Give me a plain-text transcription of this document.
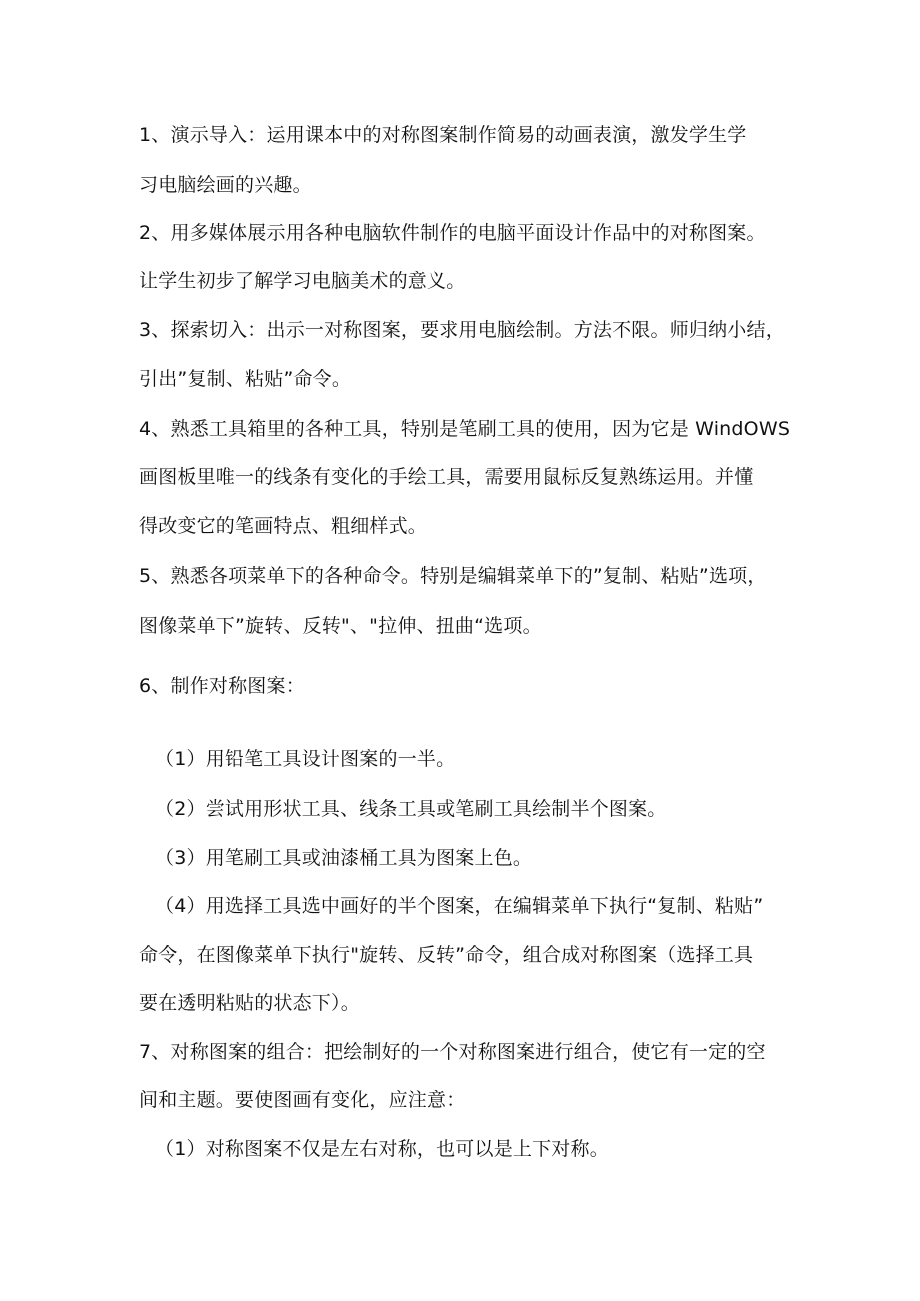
1、演示导入：运用课本中的对称图案制作简易的动画表演，激发学生学
习电脑绘画的兴趣。
2、用多媒体展示用各种电脑软件制作的电脑平面设计作品中的对称图案。
让学生初步了解学习电脑美术的意义。
3、探索切入：出示一对称图案，要求用电脑绘制。方法不限。师归纳小结，
引出”复制、粘贴”命令。
4、熟悉工具箱里的各种工具，特别是笔刷工具的使用，因为它是 WindOWS
画图板里唯一的线条有变化的手绘工具，需要用鼠标反复熟练运用。并懂
得改变它的笔画特点、粗细样式。
5、熟悉各项菜单下的各种命令。特别是编辑菜单下的”复制、粘贴”选项，
图像菜单下”旋转、反转"、"拉伸、扭曲“选项。
6、制作对称图案：
（1）用铅笔工具设计图案的一半。
（2）尝试用形状工具、线条工具或笔刷工具绘制半个图案。
（3）用笔刷工具或油漆桶工具为图案上色。
（4）用选择工具选中画好的半个图案，在编辑菜单下执行“复制、粘贴”
命令，在图像菜单下执行"旋转、反转”命令，组合成对称图案（选择工具
要在透明粘贴的状态下）。
7、对称图案的组合：把绘制好的一个对称图案进行组合，使它有一定的空
间和主题。要使图画有变化，应注意：
（1）对称图案不仅是左右对称，也可以是上下对称。
